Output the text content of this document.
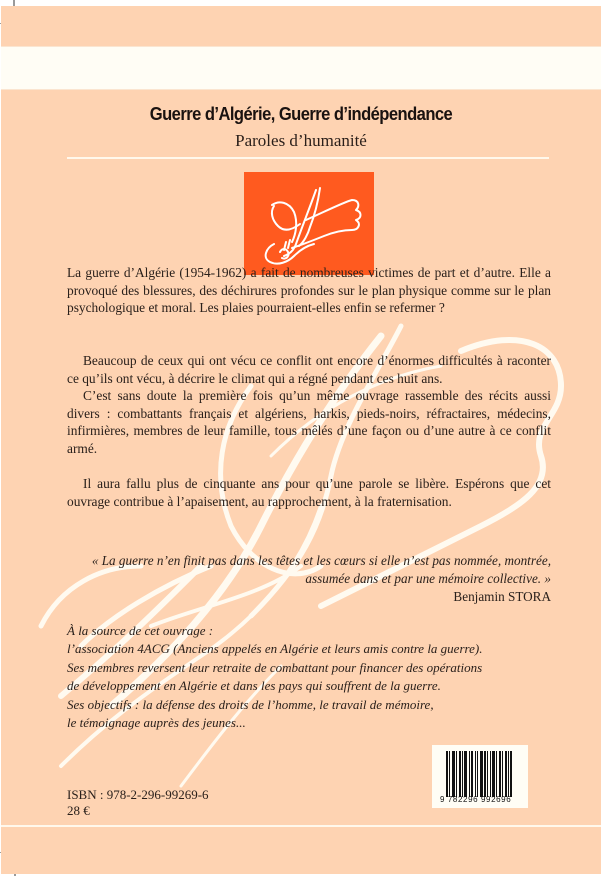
Guerre d’Algérie, Guerre d’indépendance
Paroles d’humanité

La guerre d’Algérie (1954-1962) a fait de nombreuses victimes de part et d’autre. Elle a provoqué des blessures, des déchirures profondes sur le plan physique comme sur le plan psychologique et moral. Les plaies pourraient-elles enfin se refermer ?

Beaucoup de ceux qui ont vécu ce conflit ont encore d’énormes difficultés à raconter ce qu’ils ont vécu, à décrire le climat qui a régné pendant ces huit ans.

C’est sans doute la première fois qu’un même ouvrage rassemble des récits aussi divers : combattants français et algériens, harkis, pieds-noirs, réfractaires, médecins, infirmières, membres de leur famille, tous mêlés d’une façon ou d’une autre à ce conflit armé.

Il aura fallu plus de cinquante ans pour qu’une parole se libère. Espérons que cet ouvrage contribue à l’apaisement, au rapprochement, à la fraternisation.

« La guerre n’en finit pas dans les têtes et les cœurs si elle n’est pas nommée, montrée,
assumée dans et par une mémoire collective. »
Benjamin STORA
À la source de cet ouvrage :
l’association 4ACG (Anciens appelés en Algérie et leurs amis contre la guerre).
Ses membres reversent leur retraite de combattant pour financer des opérations
de développement en Algérie et dans les pays qui souffrent de la guerre.
Ses objectifs : la défense des droits de l’homme, le travail de mémoire,
le témoignage auprès des jeunes...
ISBN : 978-2-296-99269-6
28 €
9 782296 992696
